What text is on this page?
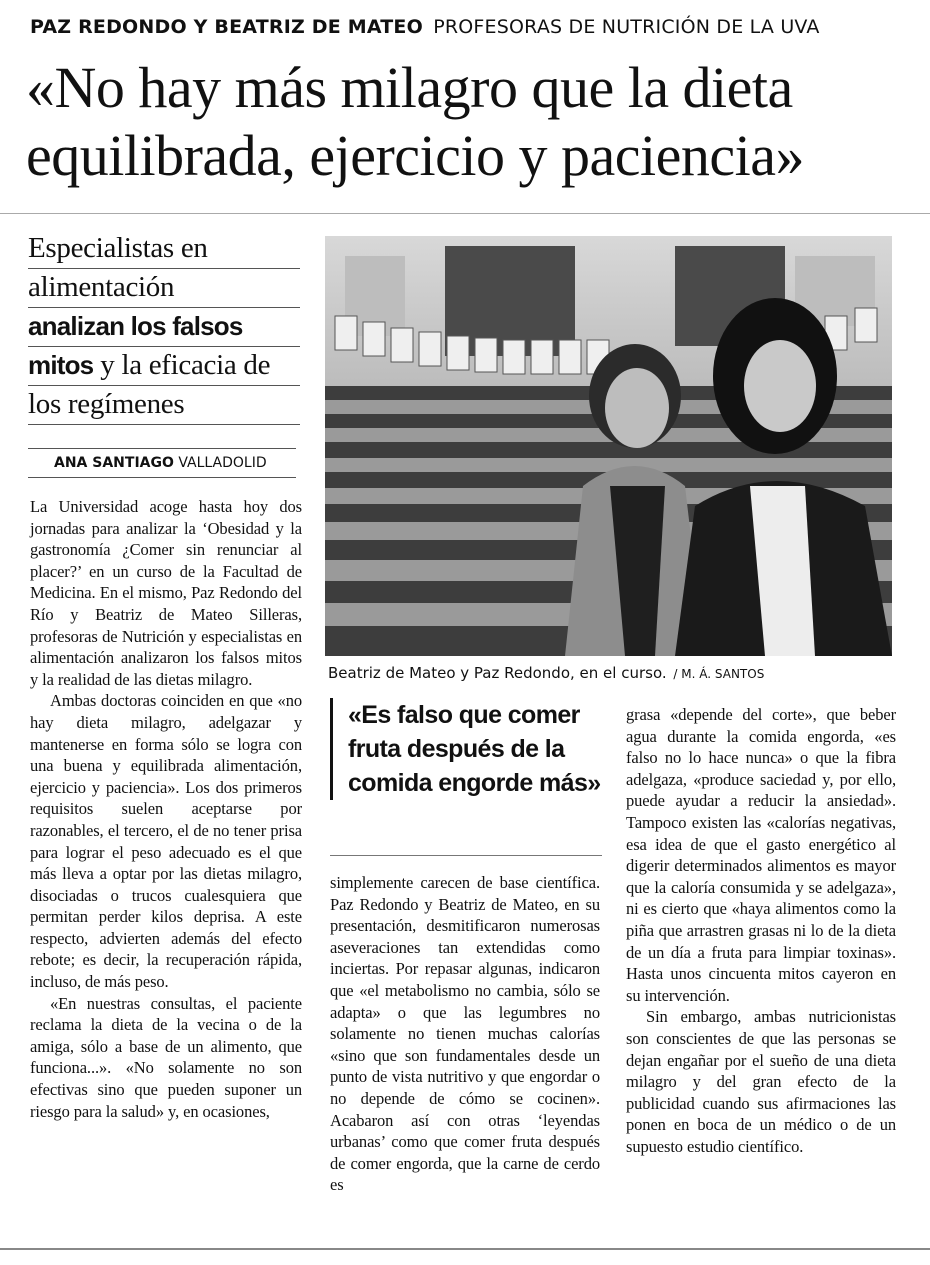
PAZ REDONDO Y BEATRIZ DE MATEO PROFESORAS DE NUTRICIÓN DE LA UVA
«No hay más milagro que la dieta
equilibrada, ejercicio y paciencia»
Especialistas en
alimentación
analizan los falsos
mitos y la eficacia de
los regímenes
ANA SANTIAGO VALLADOLID
Beatriz de Mateo y Paz Redondo, en el curso. / M. Á. SANTOS
«Es falso que comer fruta después de la comida engorde más»

La Universidad acoge hasta hoy dos jornadas para analizar la ‘Obesidad y la gastronomía ¿Comer sin renunciar al placer?’ en un curso de la Facultad de Medicina. En el mismo, Paz Redondo del Río y Beatriz de Mateo Silleras, profesoras de Nutrición y especialistas en alimentación analizaron los falsos mitos y la realidad de las dietas milagro.

Ambas doctoras coinciden en que «no hay dieta milagro, adelgazar y mantenerse en forma sólo se logra con una buena y equilibrada alimentación, ejercicio y paciencia». Los dos primeros requisitos suelen aceptarse por razonables, el tercero, el de no tener prisa para lograr el peso adecuado es el que más lleva a optar por las dietas milagro, disociadas o trucos cualesquiera que permitan perder kilos deprisa. A este respecto, advierten además del efecto rebote; es decir, la recuperación rápida, incluso, de más peso.

«En nuestras consultas, el paciente reclama la dieta de la vecina o de la amiga, sólo a base de un alimento, que funciona...». «No solamente no son efectivas sino que pueden suponer un riesgo para la salud» y, en ocasiones,

simplemente carecen de base científica. Paz Redondo y Beatriz de Mateo, en su presentación, desmitificaron numerosas aseveraciones tan extendidas como inciertas. Por repasar algunas, indicaron que «el metabolismo no cambia, sólo se adapta» o que las legumbres no solamente no tienen muchas calorías «sino que son fundamentales desde un punto de vista nutritivo y que engordar o no depende de cómo se cocinen». Acabaron así con otras ‘leyendas urbanas’ como que comer fruta después de comer engorda, que la carne de cerdo es

grasa «depende del corte», que beber agua durante la comida engorda, «es falso no lo hace nunca» o que la fibra adelgaza, «produce saciedad y, por ello, puede ayudar a reducir la ansiedad». Tampoco existen las «calorías negativas, esa idea de que el gasto energético al digerir determinados alimentos es mayor que la caloría consumida y se adelgaza», ni es cierto que «haya alimentos como la piña que arrastren grasas ni lo de la dieta de un día a fruta para limpiar toxinas». Hasta unos cincuenta mitos cayeron en su intervención.

Sin embargo, ambas nutricionistas son conscientes de que las personas se dejan engañar por el sueño de una dieta milagro y del gran efecto de la publicidad cuando sus afirmaciones las ponen en boca de un médico o de un supuesto estudio científico.
